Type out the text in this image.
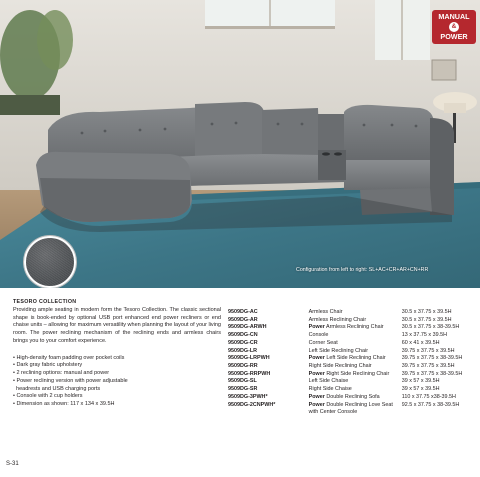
MANUAL
&
POWER
Configuration from left to right: SL+AC+CR+AR+CN+RR
TESORO COLLECTION

Providing ample seating in modern form the Tesoro Collection. The classic sectional shape is book-ended by optional USB port enhanced end power recliners or end chaise units – allowing for maximum versatility when planning the layout of your living room. The power reclining mechanism of the reclining ends and armless chairs brings you to your comfort experience.

• High-density foam padding over pocket coils
• Dark gray fabric upholstery
• 2 reclining options: manual and power
• Power reclining version with power adjustable
headrests and USB charging ports
• Console with 2 cup holders
• Dimension as shown: 117 x 134 x 39.5H
9509DG-AC	Armless Chair	30.5 x 37.75 x 39.5H
9509DG-AR	Armless Reclining Chair	30.5 x 37.75 x 39.5H
9509DG-ARWH	Power Armless Reclining Chair	30.5 x 37.75 x 38-39.5H
9509DG-CN	Console	13 x 37.75 x 39.5H
9509DG-CR	Corner Seat	60 x 41 x 39.5H
9509DG-LR	Left Side Reclining Chair	39.75 x 37.75 x 39.5H
9509DG-LRPWH	Power Left Side Reclining Chair	39.75 x 37.75 x 38-39.5H
9509DG-RR	Right Side Reclining Chair	39.75 x 37.75 x 39.5H
9509DG-RRPWH	Power Right Side Reclining Chair	39.75 x 37.75 x 38-39.5H
9509DG-SL	Left Side Chaise	39 x 57 x 39.5H
9509DG-SR	Right Side Chaise	39 x 57 x 39.5H
9509DG-3PWH*	Power Double Reclining Sofa	110 x 37.75 x38-39.5H
9509DG-2CNPWH*	Power Double Reclining Love Seat	92.5 x 37.75 x 38-39.5H
	with Center Console	
S-31
